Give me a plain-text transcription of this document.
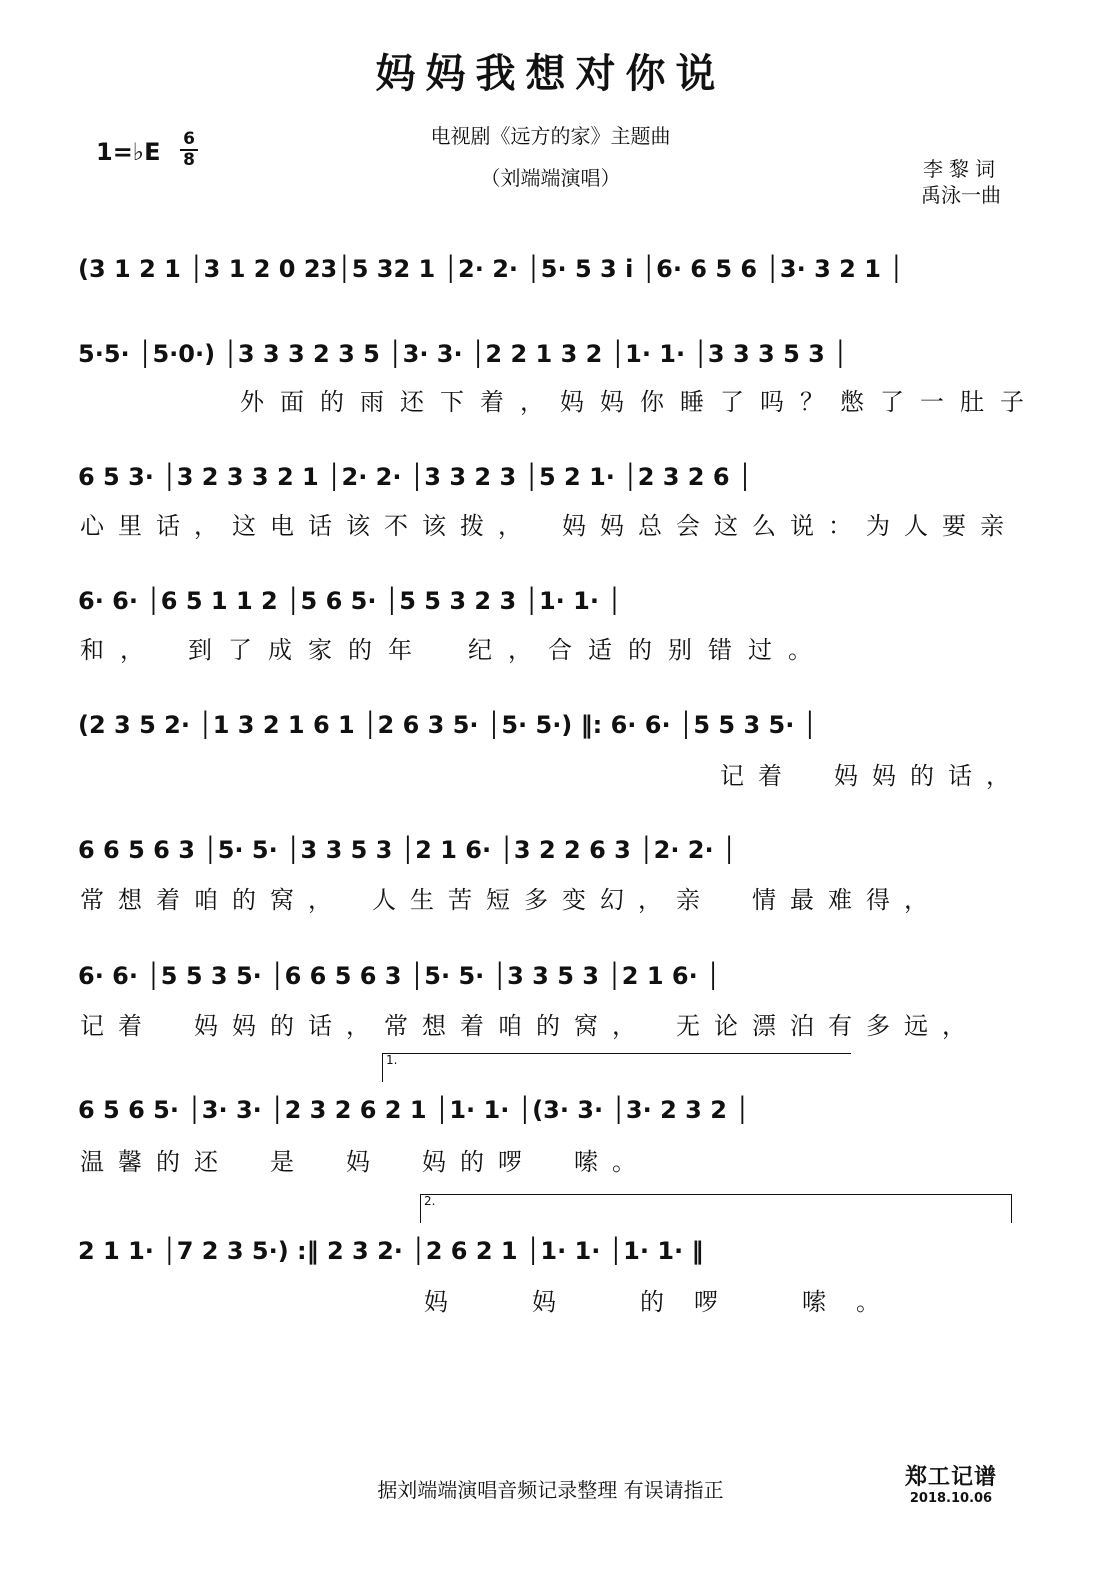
妈妈我想对你说
电视剧《远方的家》主题曲
（刘端端演唱）
1=♭E 6
8	李黎词
禹泳一曲
(3 1 2 1 │3 1 2 0 23│5 32 1 │2· 2· │5· 5 3 i │6· 6 5 6 │3· 3 2 1 │
5·5· │5·0·) │3 3 3 2 3 5 │3· 3· │2 2 1 3 2 │1· 1· │3 3 3 5 3 │
外面的雨还下着，妈妈你睡了吗？憋了一肚子
6 5 3· │3 2 3 3 2 1 │2· 2· │3 3 2 3 │5 2 1· │2 3 2 6 │
心里话，这电话该不该拨，　妈妈总会这么说：为人要亲
6· 6· │6 5 1 1 2 │5 6 5· │5 5 3 2 3 │1· 1· │
和，　到了成家的年　纪，合适的别错过。
(2 3 5 2· │1 3 2 1 6 1 │2 6 3 5· │5· 5·) ‖: 6· 6· │5 5 3 5· │
记着　妈妈的话，
6 6 5 6 3 │5· 5· │3 3 5 3 │2 1 6· │3 2 2 6 3 │2· 2· │
常想着咱的窝，　人生苦短多变幻，亲　情最难得，
6· 6· │5 5 3 5· │6 6 5 6 3 │5· 5· │3 3 5 3 │2 1 6· │
记着　妈妈的话，常想着咱的窝，　无论漂泊有多远，
1.
6 5 6 5· │3· 3· │2 3 2 6 2 1 │1· 1· │(3· 3· │3· 2 3 2 │
温馨的还　是　妈　妈的啰　嗦。
2.
2 1 1· │7 2 3 5·) :‖ 2 3 2· │2 6 2 1 │1· 1· │1· 1· ‖
妈　妈　的啰　嗦。
据刘端端演唱音频记录整理 有误请指正	郑工记谱
2018.10.06
